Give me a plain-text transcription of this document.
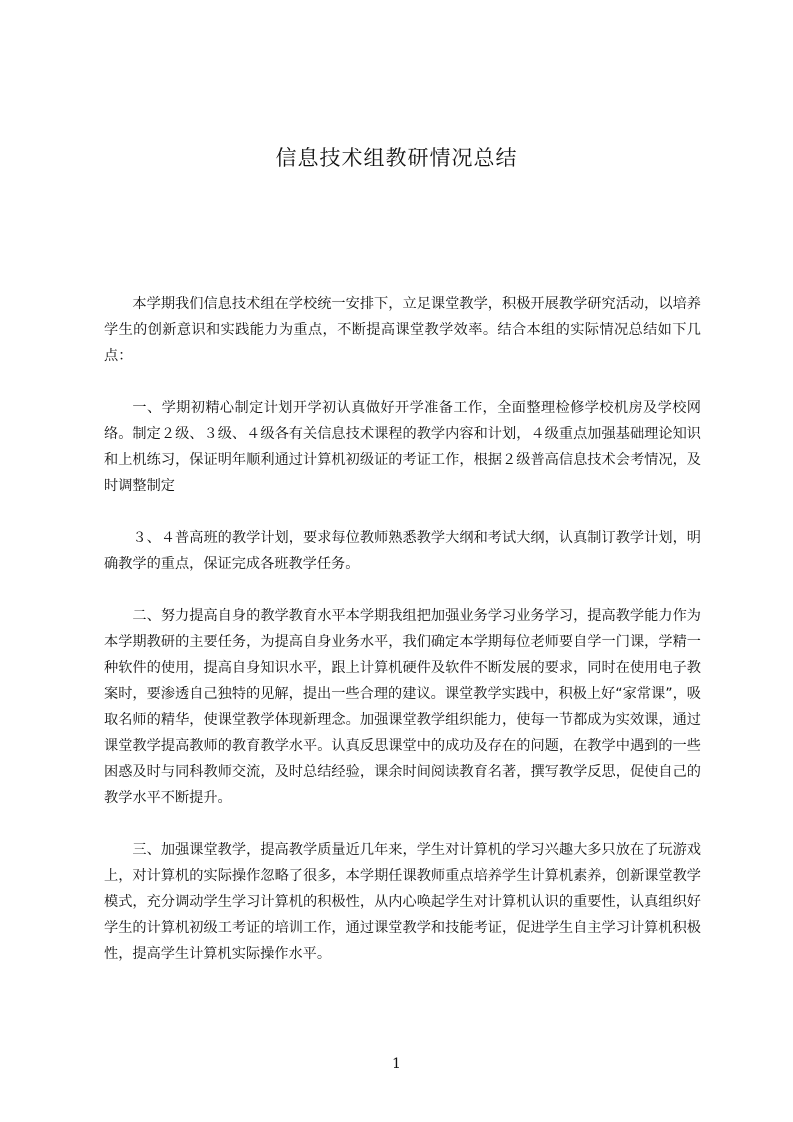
信息技术组教研情况总结

本学期我们信息技术组在学校统一安排下，立足课堂教学，积极开展教学研究活动，以培养学生的创新意识和实践能力为重点，不断提高课堂教学效率。结合本组的实际情况总结如下几点：

一、学期初精心制定计划开学初认真做好开学准备工作，全面整理检修学校机房及学校网络。制定２级、３级、４级各有关信息技术课程的教学内容和计划，４级重点加强基础理论知识和上机练习，保证明年顺利通过计算机初级证的考证工作，根据２级普高信息技术会考情况，及时调整制定

３、４普高班的教学计划，要求每位教师熟悉教学大纲和考试大纲，认真制订教学计划，明确教学的重点，保证完成各班教学任务。

二、努力提高自身的教学教育水平本学期我组把加强业务学习业务学习，提高教学能力作为本学期教研的主要任务，为提高自身业务水平，我们确定本学期每位老师要自学一门课，学精一种软件的使用，提高自身知识水平，跟上计算机硬件及软件不断发展的要求，同时在使用电子教案时，要渗透自己独特的见解，提出一些合理的建议。课堂教学实践中，积极上好“家常课”，吸取名师的精华，使课堂教学体现新理念。加强课堂教学组织能力，使每一节都成为实效课，通过课堂教学提高教师的教育教学水平。认真反思课堂中的成功及存在的问题，在教学中遇到的一些困惑及时与同科教师交流，及时总结经验，课余时间阅读教育名著，撰写教学反思，促使自己的教学水平不断提升。

三、加强课堂教学，提高教学质量近几年来，学生对计算机的学习兴趣大多只放在了玩游戏上，对计算机的实际操作忽略了很多，本学期任课教师重点培养学生计算机素养，创新课堂教学模式，充分调动学生学习计算机的积极性，从内心唤起学生对计算机认识的重要性，认真组织好学生的计算机初级工考证的培训工作，通过课堂教学和技能考证，促进学生自主学习计算机积极性，提高学生计算机实际操作水平。

1
